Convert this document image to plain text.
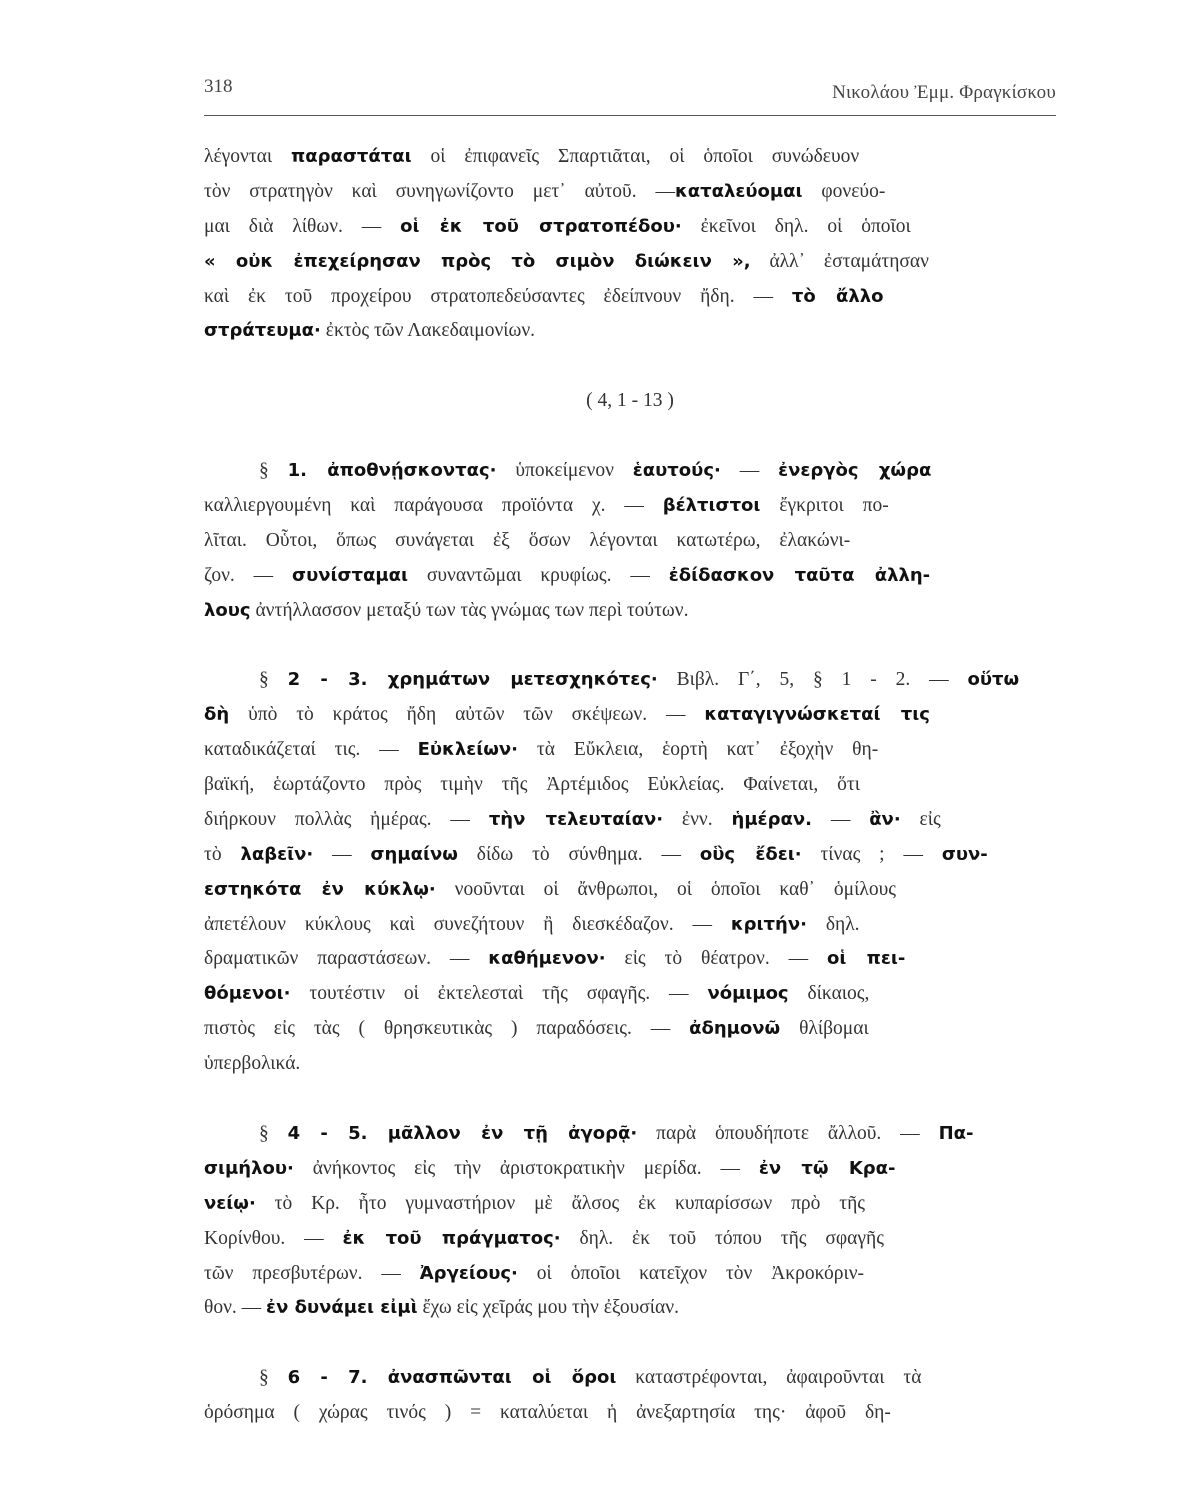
318	Νικολάου Ἐμμ. Φραγκίσκου
λέγονται παραστάται οἱ ἐπιφανεῖς Σπαρτιᾶται, οἱ ὁποῖοι συνώδευον
τὸν στρατηγὸν καὶ συνηγωνίζοντο μετ᾽ αὐτοῦ. — καταλεύομαι φονεύο-
μαι διὰ λίθων. — οἱ ἐκ τοῦ στρατοπέδου· ἐκεῖνοι δηλ. οἱ ὁποῖοι
« οὐκ ἐπεχείρησαν πρὸς τὸ σιμὸν διώκειν », ἀλλ᾽ ἐσταμάτησαν
καὶ ἐκ τοῦ προχείρου στρατοπεδεύσαντες ἐδείπνουν ἤδη. — τὸ ἄλλο
στράτευμα· ἐκτὸς τῶν Λακεδαιμονίων.
( 4, 1 - 13 )
§ 1. ἀποθνῄσκοντας· ὑποκείμενον ἑαυτούς· — ἐνεργὸς χώρα
καλλιεργουμένη καὶ παράγουσα προϊόντα χ. — βέλτιστοι ἔγκριτοι πο-
λῖται. Οὗτοι, ὅπως συνάγεται ἐξ ὅσων λέγονται κατωτέρω, ἐλακώνι-
ζον. — συνίσταμαι συναντῶμαι κρυφίως. — ἐδίδασκον ταῦτα ἀλλη-
λους ἀντήλλασσον μεταξύ των τὰς γνώμας των περὶ τούτων.
§ 2 - 3. χρημάτων μετεσχηκότες· Βιβλ. Γ΄, 5, § 1 - 2. — οὕτω
δὴ ὑπὸ τὸ κράτος ἤδη αὐτῶν τῶν σκέψεων. — καταγιγνώσκεταί τις
καταδικάζεταί τις. — Εὐκλείων· τὰ Εὔκλεια, ἑορτὴ κατ᾽ ἐξοχὴν θη-
βαϊκή, ἑωρτάζοντο πρὸς τιμὴν τῆς Ἀρτέμιδος Εὐκλείας. Φαίνεται, ὅτι
διήρκουν πολλὰς ἡμέρας. — τὴν τελευταίαν· ἐνν. ἡμέραν. — ἂν· εἰς
τὸ λαβεῖν· — σημαίνω δίδω τὸ σύνθημα. — οὓς ἔδει· τίνας ; — συν-
εστηκότα ἐν κύκλῳ· νοοῦνται οἱ ἄνθρωποι, οἱ ὁποῖοι καθ᾽ ὁμίλους
ἀπετέλουν κύκλους καὶ συνεζήτουν ἢ διεσκέδαζον. — κριτήν· δηλ.
δραματικῶν παραστάσεων. — καθήμενον· εἰς τὸ θέατρον. — οἱ πει-
θόμενοι· τουτέστιν οἱ ἐκτελεσταὶ τῆς σφαγῆς. — νόμιμος δίκαιος,
πιστὸς εἰς τὰς ( θρησκευτικὰς ) παραδόσεις. — ἀδημονῶ θλίβομαι
ὑπερβολικά.
§ 4 - 5. μᾶλλον ἐν τῇ ἀγορᾷ· παρὰ ὁπουδήποτε ἄλλοῦ. — Πα-
σιμήλου· ἀνήκοντος εἰς τὴν ἀριστοκρατικὴν μερίδα. — ἐν τῷ Κρα-
νείῳ· τὸ Κρ. ἦτο γυμναστήριον μὲ ἄλσος ἐκ κυπαρίσσων πρὸ τῆς
Κορίνθου. — ἐκ τοῦ πράγματος· δηλ. ἐκ τοῦ τόπου τῆς σφαγῆς
τῶν πρεσβυτέρων. — Ἀργείους· οἱ ὁποῖοι κατεῖχον τὸν Ἀκροκόριν-
θον. — ἐν δυνάμει εἰμὶ ἔχω εἰς χεῖράς μου τὴν ἐξουσίαν.
§ 6 - 7. ἀνασπῶνται οἱ ὅροι καταστρέφονται, ἀφαιροῦνται τὰ
ὁρόσημα ( χώρας τινός ) = καταλύεται ἡ ἀνεξαρτησία της· ἀφοῦ δη-
